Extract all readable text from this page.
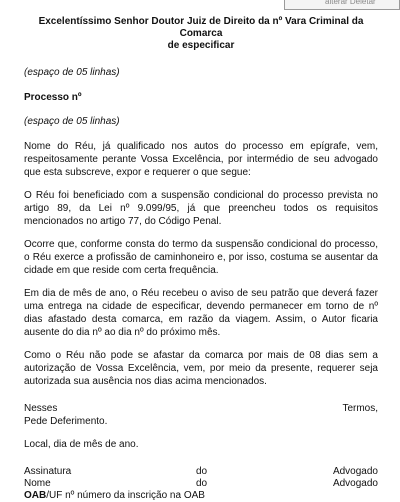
alterar Deletar
Excelentíssimo Senhor Doutor Juiz de Direito da nº Vara Criminal da Comarca
de especificar

(espaço de 05 linhas)

Processo nº

(espaço de 05 linhas)

Nome do Réu, já qualificado nos autos do processo em epígrafe, vem, respeitosamente perante Vossa Excelência, por intermédio de seu advogado que esta subscreve, expor e requerer o que segue:

O Réu foi beneficiado com a suspensão condicional do processo prevista no artigo 89, da Lei nº 9.099/95, já que preencheu todos os requisitos mencionados no artigo 77, do Código Penal.

Ocorre que, conforme consta do termo da suspensão condicional do processo, o Réu exerce a profissão de caminhoneiro e, por isso, costuma se ausentar da cidade em que reside com certa frequência.

Em dia de mês de ano, o Réu recebeu o aviso de seu patrão que deverá fazer uma entrega na cidade de especificar, devendo permanecer em torno de nº dias afastado desta comarca, em razão da viagem. Assim, o Autor ficaria ausente do dia nº ao dia nº do próximo mês.

Como o Réu não pode se afastar da comarca por mais de 08 dias sem a autorização de Vossa Excelência, vem, por meio da presente, requerer seja autorizada sua ausência nos dias acima mencionados.

Nesses	Termos,

Pede Deferimento.

Local, dia de mês de ano.

Assinatura	do	Advogado
Nome	do	Advogado

OAB/UF nº número da inscrição na OAB
